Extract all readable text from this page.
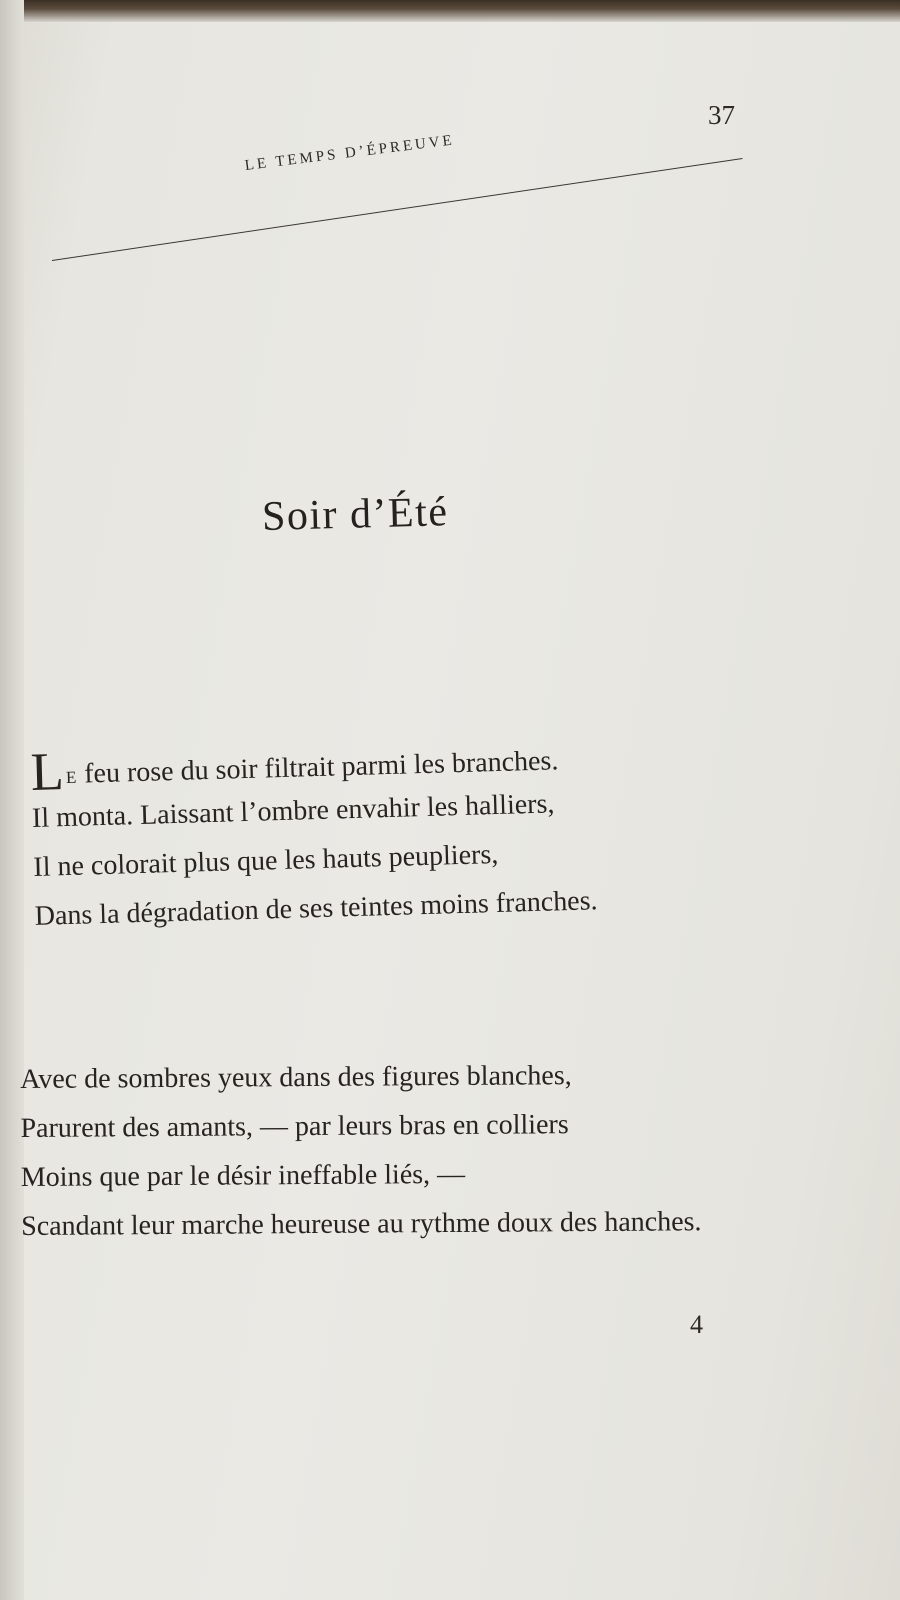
LE TEMPS D’ÉPREUVE
37
Soir d’Été
LE feu rose du soir filtrait parmi les branches.
Il monta. Laissant l’ombre envahir les halliers,
Il ne colorait plus que les hauts peupliers,
Dans la dégradation de ses teintes moins franches.
Avec de sombres yeux dans des figures blanches,
Parurent des amants, — par leurs bras en colliers
Moins que par le désir ineffable liés, —
Scandant leur marche heureuse au rythme doux des hanches.
4
